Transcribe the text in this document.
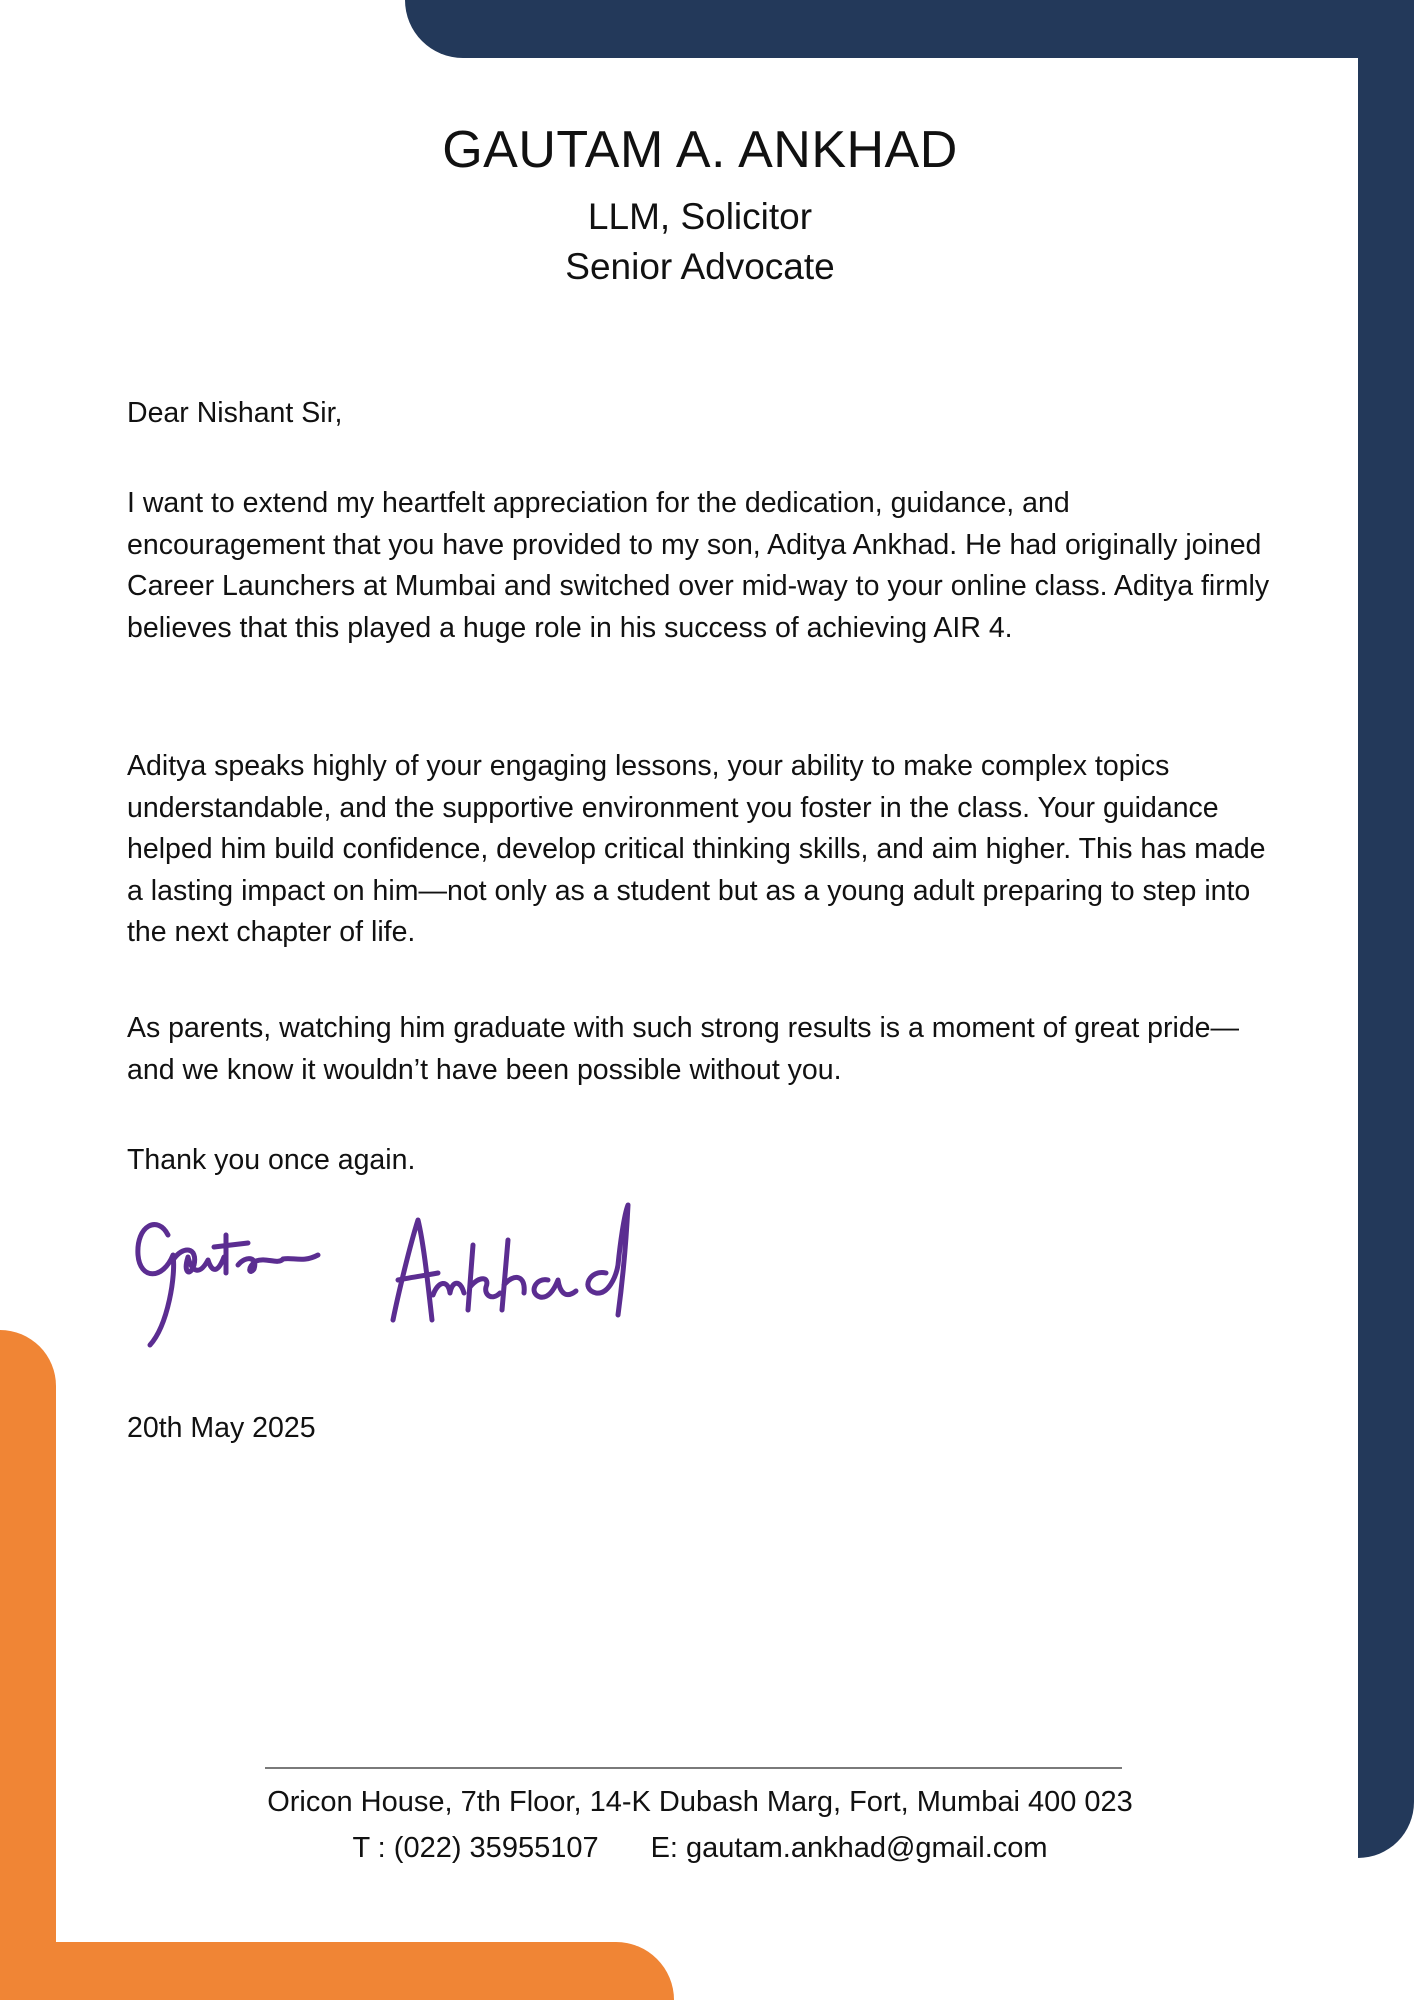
GAUTAM A. ANKHAD
LLM, Solicitor
Senior Advocate
Dear Nishant Sir,
I want to extend my heartfelt appreciation for the dedication, guidance, and encouragement that you have provided to my son, Aditya Ankhad. He had originally joined Career Launchers at Mumbai and switched over mid-way to your online class. Aditya firmly believes that this played a huge role in his success of achieving AIR 4.
Aditya speaks highly of your engaging lessons, your ability to make complex topics understandable, and the supportive environment you foster in the class. Your guidance helped him build confidence, develop critical thinking skills, and aim higher. This has made a lasting impact on him—not only as a student but as a young adult preparing to step into the next chapter of life.
As parents, watching him graduate with such strong results is a moment of great pride—and we know it wouldn’t have been possible without you.
Thank you once again.
20th May 2025
Oricon House, 7th Floor, 14-K Dubash Marg, Fort, Mumbai 400 023
T : (022) 35955107 E: gautam.ankhad@gmail.com
